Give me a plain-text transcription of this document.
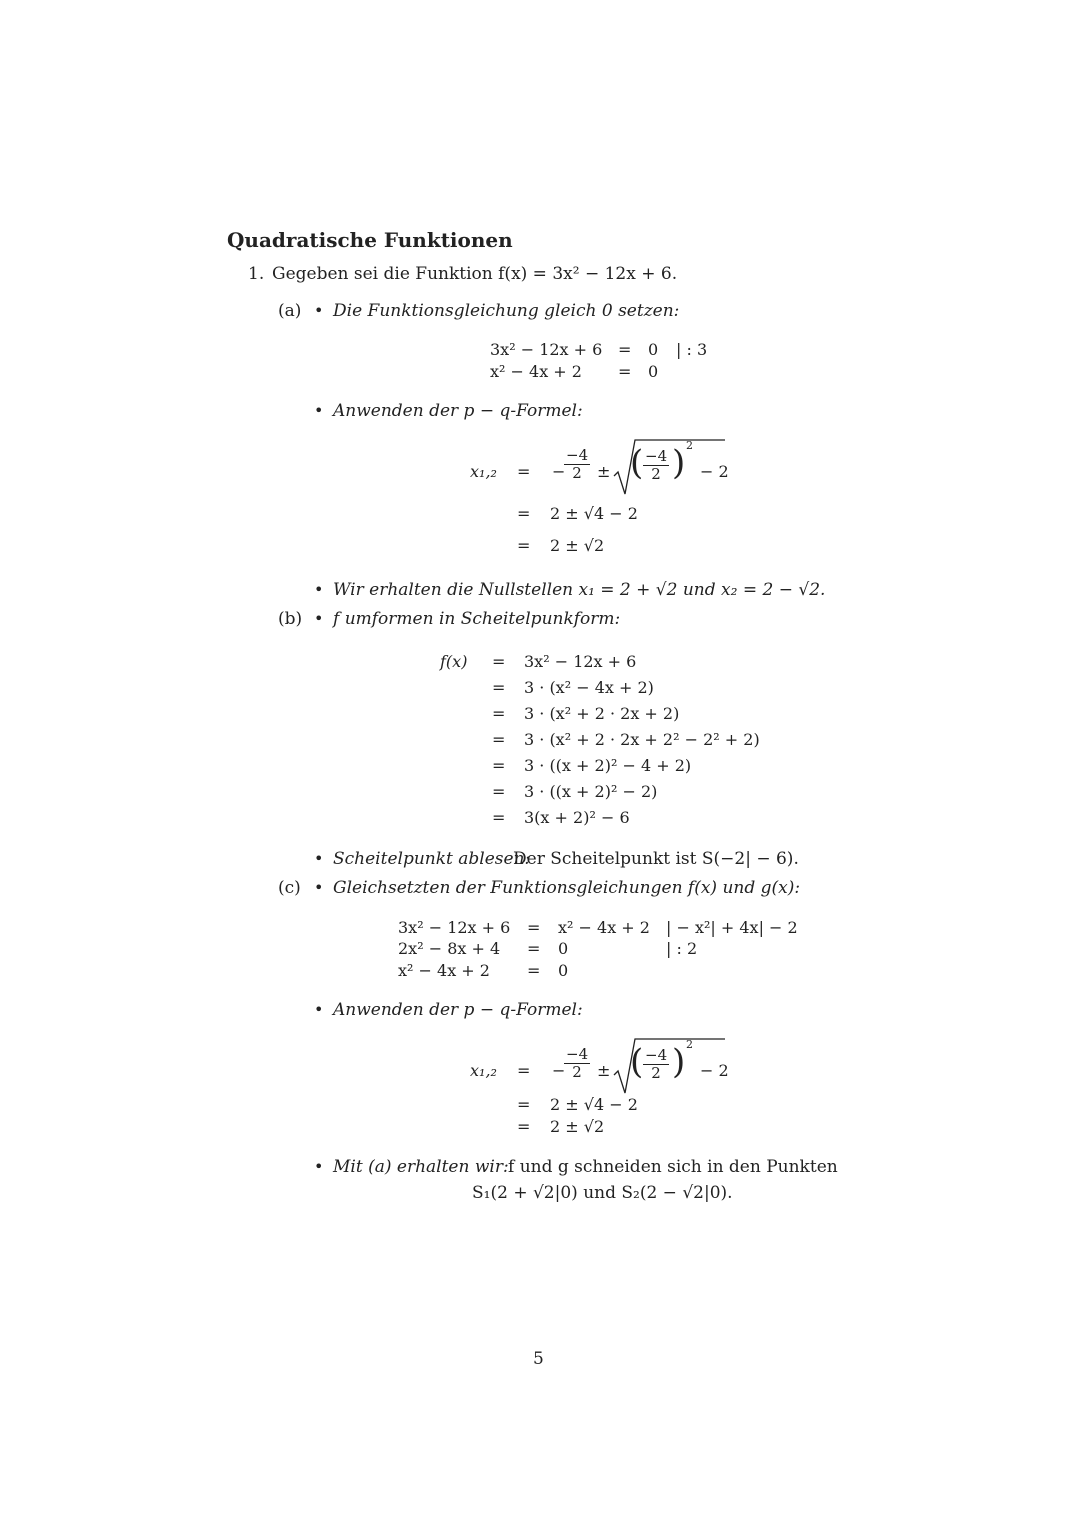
Quadratische Funktionen
1. Gegeben sei die Funktion f(x) = 3x² − 12x + 6.
(a) • Die Funktionsgleichung gleich 0 setzen:
3x² − 12x + 6 = 0 | : 3
x² − 4x + 2 = 0
• Anwenden der p − q-Formel:
x₁,₂ = −
$\frac{-4}{2}$ ± ( $\frac{-4}{2}$ ) 2
− 2
= 2 ± √4 − 2
= 2 ± √2
• Wir erhalten die Nullstellen x₁ = 2 + √2 und x₂ = 2 − √2.
(b) • f umformen in Scheitelpunkform:
f(x) = 3x² − 12x + 6
= 3 · (x² − 4x + 2)
= 3 · (x² + 2 · 2x + 2)
= 3 · (x² + 2 · 2x + 2² − 2² + 2)
= 3 · ((x + 2)² − 4 + 2)
= 3 · ((x + 2)² − 2)
= 3(x + 2)² − 6
• Scheitelpunkt ablesen:
Der Scheitelpunkt ist S(−2| − 6).
(c) • Gleichsetzten der Funktionsgleichungen f(x) und g(x):
3x² − 12x + 6 = x² − 4x + 2 | − x²| + 4x| − 2
2x² − 8x + 4 = 0	| : 2
x² − 4x + 2 = 0
• Anwenden der p − q-Formel:
x₁,₂ = −
$\frac{-4}{2}$ ± ( $\frac{-4}{2}$ ) 2
− 2
= 2 ± √4 − 2
= 2 ± √2
• Mit (a) erhalten wir: f und g schneiden sich in den Punkten
S₁(2 + √2|0) und S₂(2 − √2|0).
5
